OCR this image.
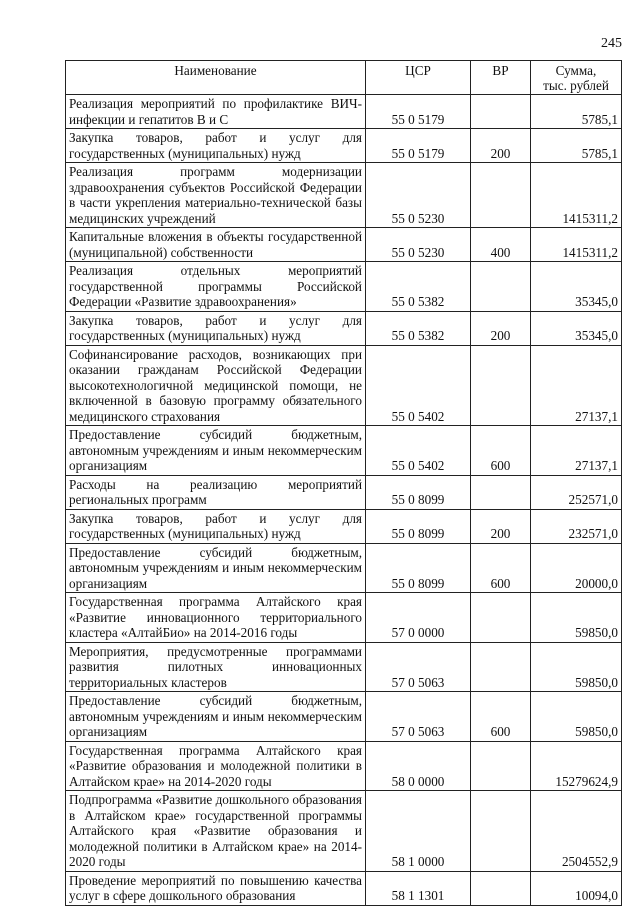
245
Наименование	ЦСР	ВР	Сумма,
тыс. рублей
Реализация мероприятий по профилактике ВИЧ-инфекции и гепатитов В и С	55 0 5179		5785,1
Закупка товаров, работ и услуг для государственных (муниципальных) нужд	55 0 5179	200	5785,1
Реализация программ модернизации здравоохранения субъектов Российской Федерации в части укрепления материально-технической базы медицинских учреждений	55 0 5230		1415311,2
Капитальные вложения в объекты государственной (муниципальной) собственности	55 0 5230	400	1415311,2
Реализация отдельных мероприятий государственной программы Российской Федерации «Развитие здравоохранения»	55 0 5382		35345,0
Закупка товаров, работ и услуг для государственных (муниципальных) нужд	55 0 5382	200	35345,0
Софинансирование расходов, возникающих при оказании гражданам Российской Федерации высокотехнологичной медицинской помощи, не включенной в базовую программу обязательного медицинского страхования	55 0 5402		27137,1
Предоставление субсидий бюджетным, автономным учреждениям и иным некоммерческим организациям	55 0 5402	600	27137,1
Расходы на реализацию мероприятий региональных программ	55 0 8099		252571,0
Закупка товаров, работ и услуг для государственных (муниципальных) нужд	55 0 8099	200	232571,0
Предоставление субсидий бюджетным, автономным учреждениям и иным некоммерческим организациям	55 0 8099	600	20000,0
Государственная программа Алтайского края «Развитие инновационного территориального кластера «АлтайБио» на 2014-2016 годы	57 0 0000		59850,0
Мероприятия, предусмотренные программами развития пилотных инновационных территориальных кластеров	57 0 5063		59850,0
Предоставление субсидий бюджетным, автономным учреждениям и иным некоммерческим организациям	57 0 5063	600	59850,0
Государственная программа Алтайского края «Развитие образования и молодежной политики в Алтайском крае» на 2014-2020 годы	58 0 0000		15279624,9
Подпрограмма «Развитие дошкольного образования в Алтайском крае» государственной программы Алтайского края «Развитие образования и молодежной политики в Алтайском крае» на 2014-2020 годы	58 1 0000		2504552,9
Проведение мероприятий по повышению качества услуг в сфере дошкольного образования	58 1 1301		10094,0
